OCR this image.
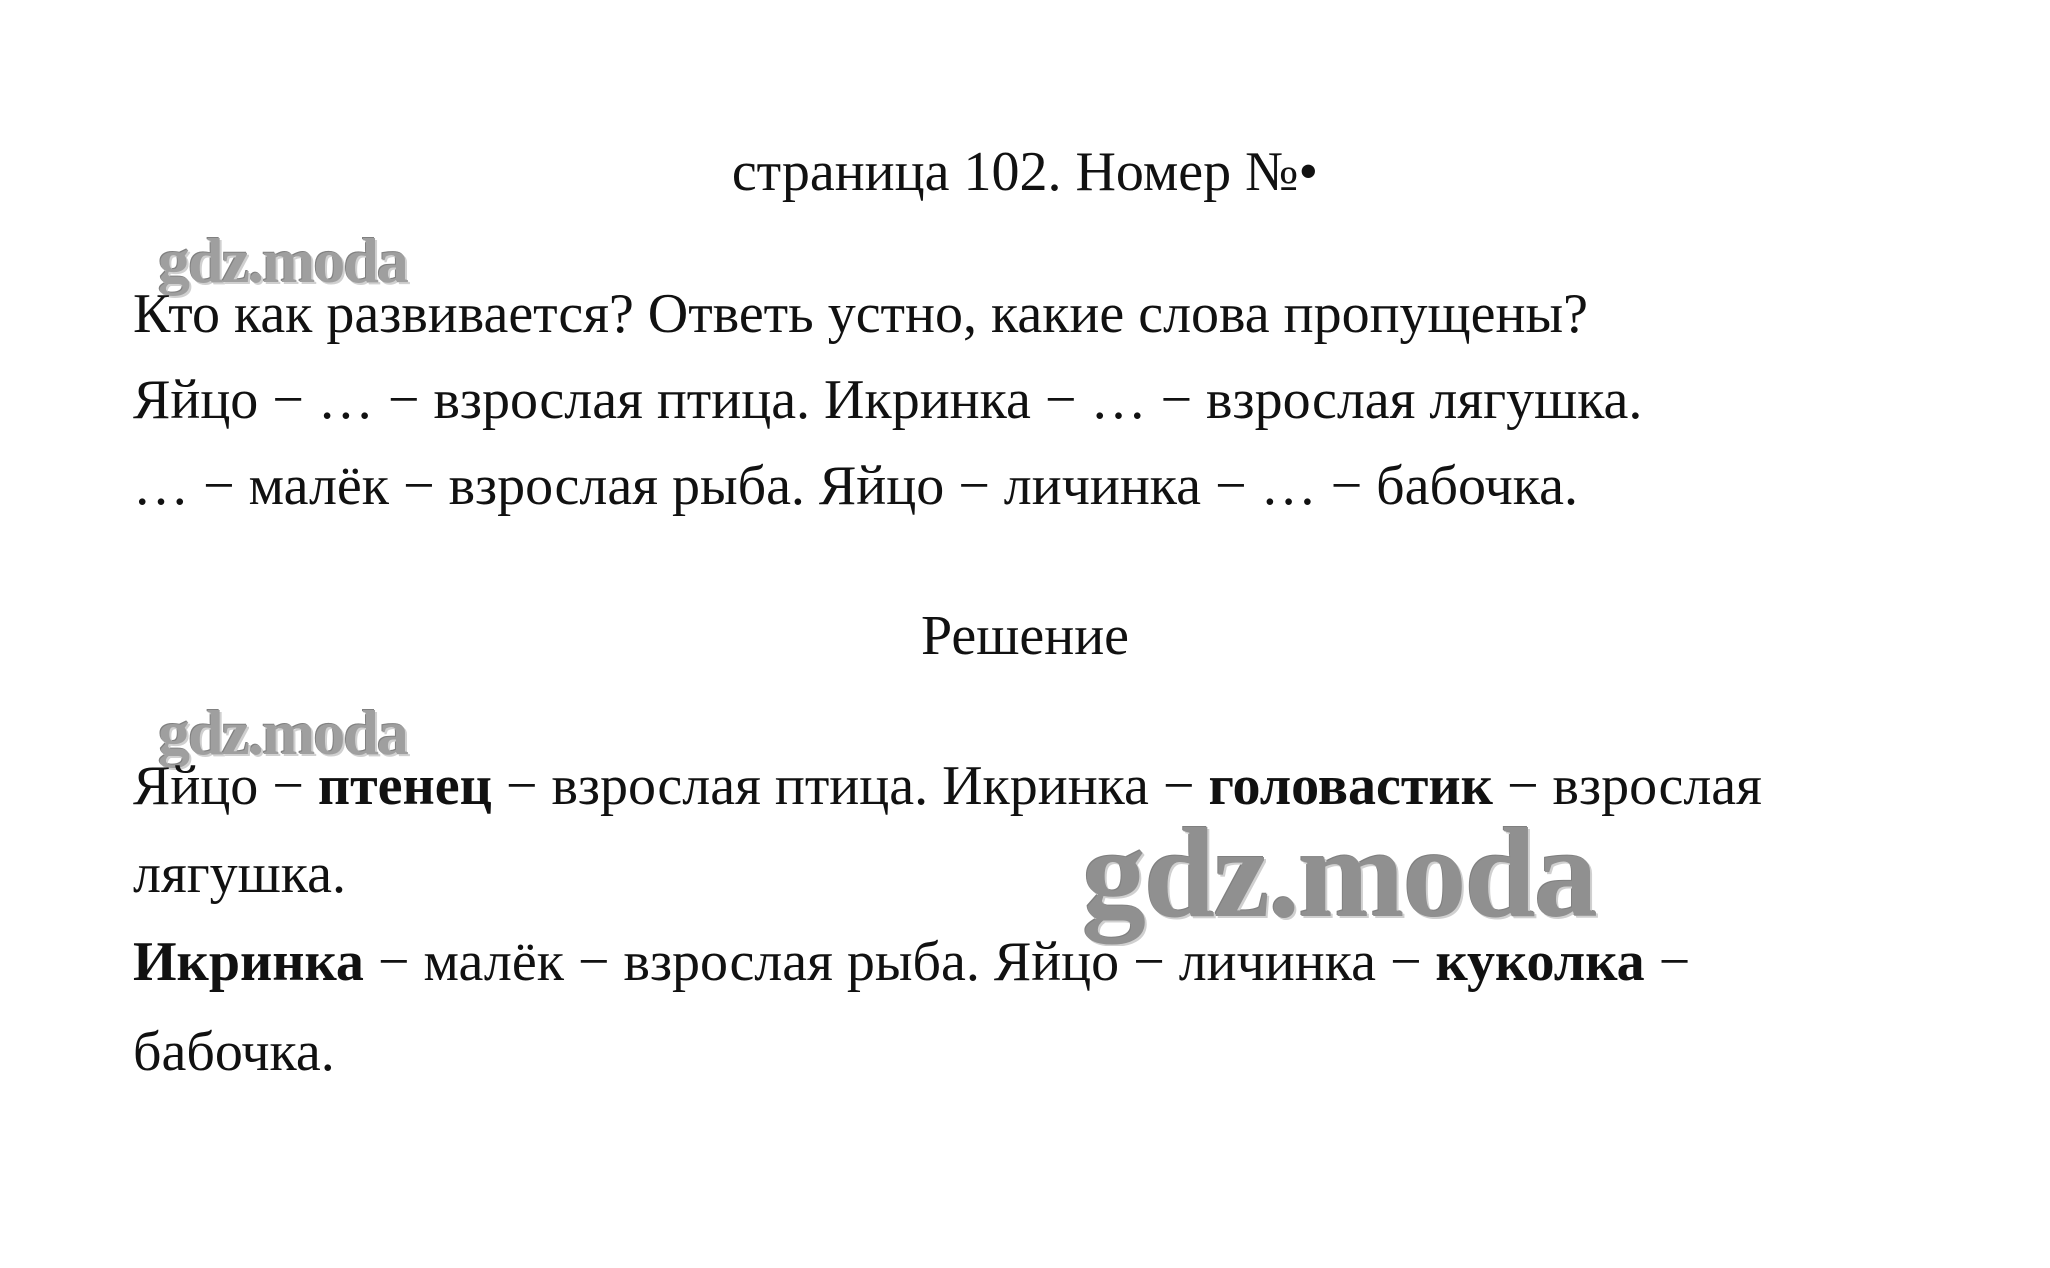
страница 102. Номер №•
gdz.moda
Кто как развивается? Ответь устно, какие слова пропущены?
Яйцо − … − взрослая птица. Икринка − … − взрослая лягушка.
… − малёк − взрослая рыба. Яйцо − личинка − … − бабочка.
Решение
gdz.moda
Яйцо − птенец − взрослая птица. Икринка − головастик − взрослая
лягушка.	gdz.moda
Икринка − малёк − взрослая рыба. Яйцо − личинка − куколка −
бабочка.
